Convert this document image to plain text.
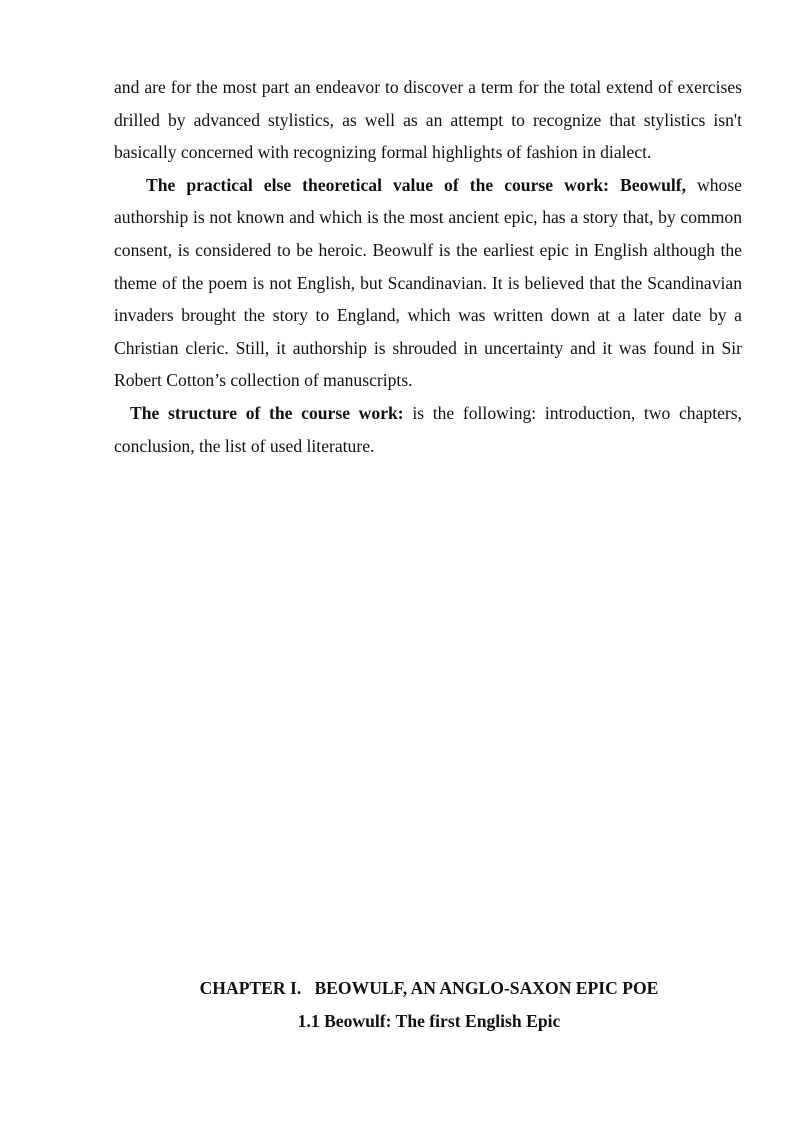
and are for the most part an endeavor to discover a term for the total extend of exercises drilled by advanced stylistics, as well as an attempt to recognize that stylistics isn't basically concerned with recognizing formal highlights of fashion in dialect.

The practical else theoretical value of the course work: Beowulf, whose authorship is not known and which is the most ancient epic, has a story that, by common consent, is considered to be heroic. Beowulf is the earliest epic in English although the theme of the poem is not English, but Scandinavian. It is believed that the Scandinavian invaders brought the story to England, which was written down at a later date by a Christian cleric. Still, it authorship is shrouded in uncertainty and it was found in Sir Robert Cotton’s collection of manuscripts.

The structure of the course work: is the following: introduction, two chapters, conclusion, the list of used literature.

CHAPTER I.   BEOWULF, AN ANGLO-SAXON EPIC POE
1.1 Beowulf: The first English Epic
